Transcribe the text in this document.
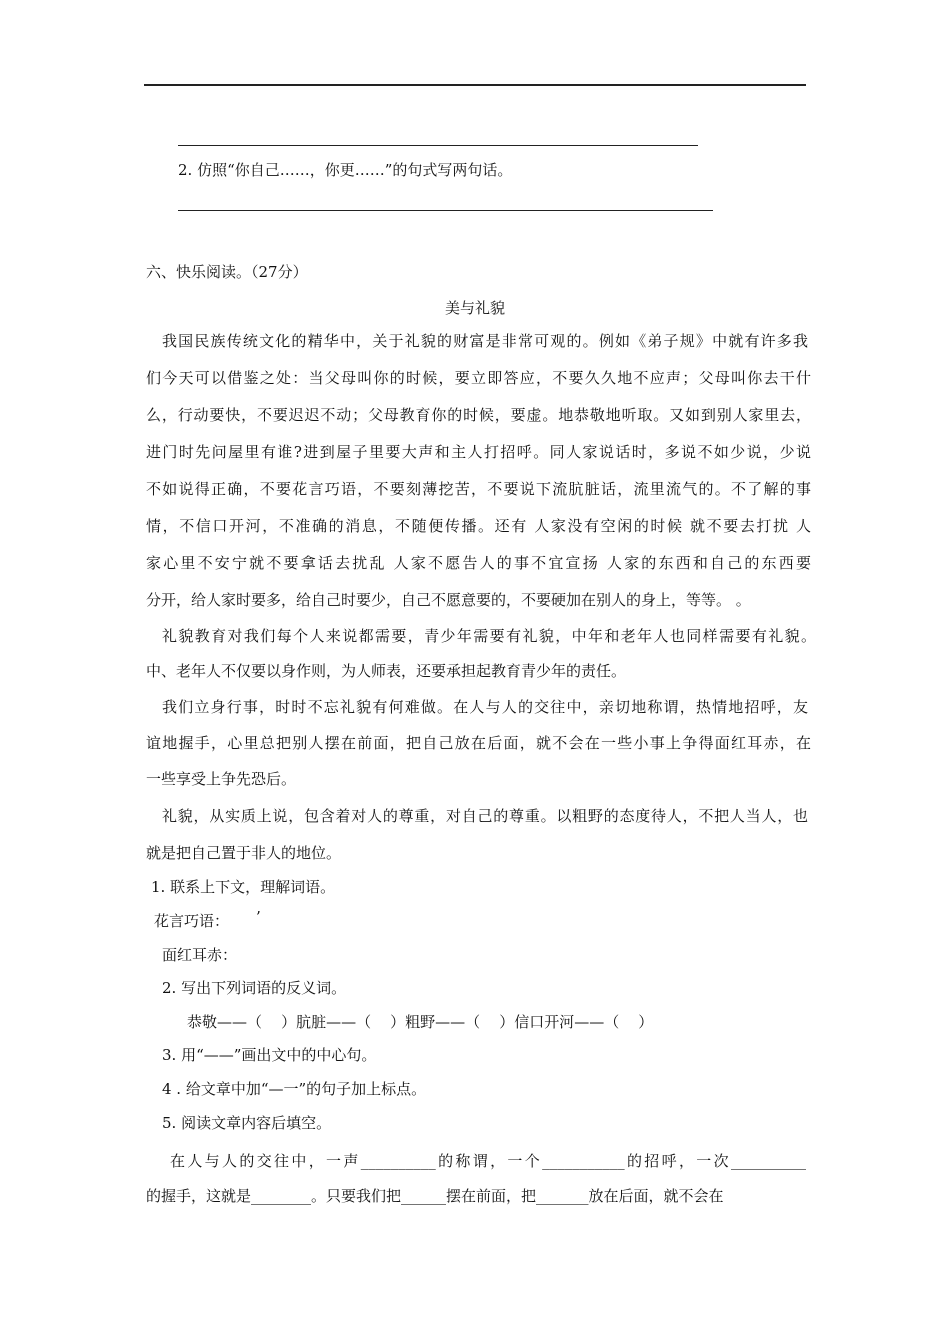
2. 仿照“你自己……，你更……”的句式写两句话。
六、快乐阅读。（27分）
美与礼貌
我国民族传统文化的精华中，关于礼貌的财富是非常可观的。例如《弟子规》中就有许多我
们今天可以借鉴之处：当父母叫你的时候，要立即答应，不要久久地不应声；父母叫你去干什
么，行动要快，不要迟迟不动；父母教育你的时候，要虚。地恭敬地听取。又如到别人家里去，
进门时先问屋里有谁?进到屋子里要大声和主人打招呼。同人家说话时，多说不如少说，少说
不如说得正确，不要花言巧语，不要刻薄挖苦，不要说下流肮脏话，流里流气的。不了解的事
情，不信口开河，不准确的消息，不随便传播。还有 人家没有空闲的时候 就不要去打扰 人
家心里不安宁就不要拿话去扰乱 人家不愿告人的事不宜宣扬 人家的东西和自己的东西要
分开，给人家时要多，给自己时要少，自己不愿意要的，不要硬加在别人的身上，等等。 。
礼貌教育对我们每个人来说都需要，青少年需要有礼貌，中年和老年人也同样需要有礼貌。
中、老年人不仅要以身作则，为人师表，还要承担起教育青少年的责任。
我们立身行事，时时不忘礼貌有何难做。在人与人的交往中，亲切地称谓，热情地招呼，友
谊地握手，心里总把别人摆在前面，把自己放在后面，就不会在一些小事上争得面红耳赤，在
一些享受上争先恐后。
礼貌，从实质上说，包含着对人的尊重，对自己的尊重。以粗野的态度待人，不把人当人，也
就是把自己置于非人的地位。
1. 联系上下文，理解词语。
花言巧语： ’
面红耳赤：
2. 写出下列词语的反义词。
恭敬——（    ）肮脏——（    ）粗野——（    ）信口开河——（    ）
3. 用“——”画出文中的中心句。
4 . 给文章中加“—一”的句子加上标点。
5. 阅读文章内容后填空。
在人与人的交往中，一声__________的称谓，一个___________的招呼，一次__________
的握手，这就是________。只要我们把______摆在前面，把_______放在后面，就不会在
